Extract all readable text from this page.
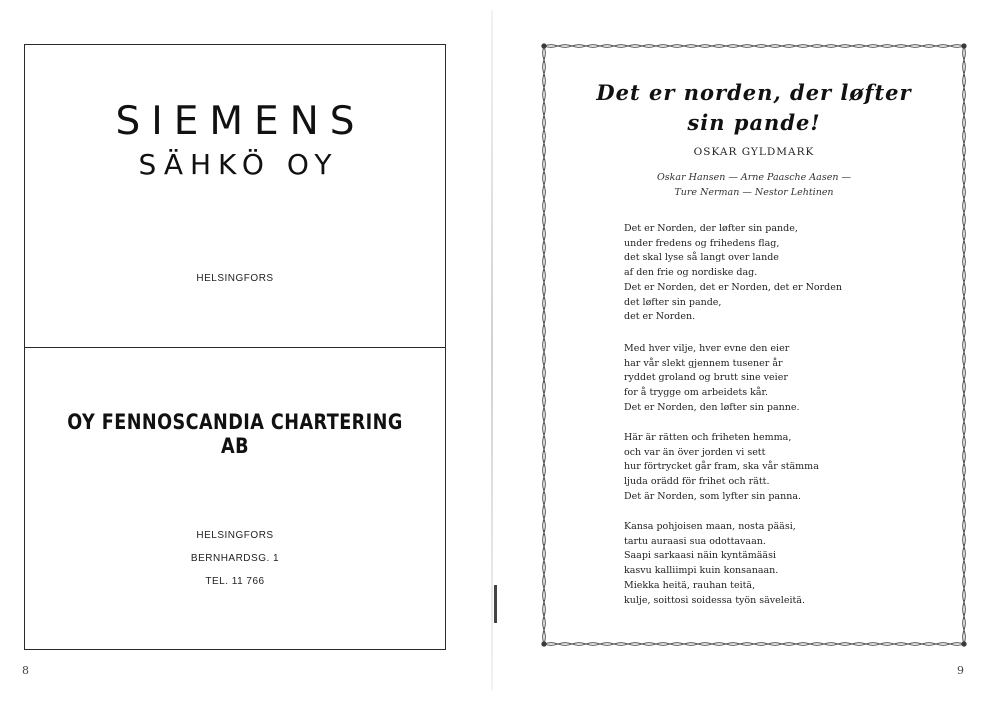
SIEMENS
SÄHKÖ OY
HELSINGFORS
OY FENNOSCANDIA CHARTERING AB
HELSINGFORS
BERNHARDSG. 1
TEL. 11 766
8
Det er norden, der løfter
sin pande!
OSKAR GYLDMARK
Oskar Hansen — Arne Paasche Aasen —
Ture Nerman — Nestor Lehtinen
Det er Norden, der løfter sin pande,
under fredens og frihedens flag,
det skal lyse så langt over lande
af den frie og nordiske dag.
Det er Norden, det er Norden, det er Norden
det løfter sin pande,
det er Norden.
Med hver vilje, hver evne den eier
har vår slekt gjennem tusener år
ryddet groland og brutt sine veier
for å trygge om arbeidets kår.
Det er Norden, den løfter sin panne.
Här är rätten och friheten hemma,
och var än över jorden vi sett
hur förtrycket går fram, ska vår stämma
ljuda orädd för frihet och rätt.
Det är Norden, som lyfter sin panna.
Kansa pohjoisen maan, nosta pääsi,
tartu auraasi sua odottavaan.
Saapi sarkaasi näin kyntämääsi
kasvu kalliimpi kuin konsanaan.
Miekka heitä, rauhan teitä,
kulje, soittosi soidessa työn säveleitä.
9
